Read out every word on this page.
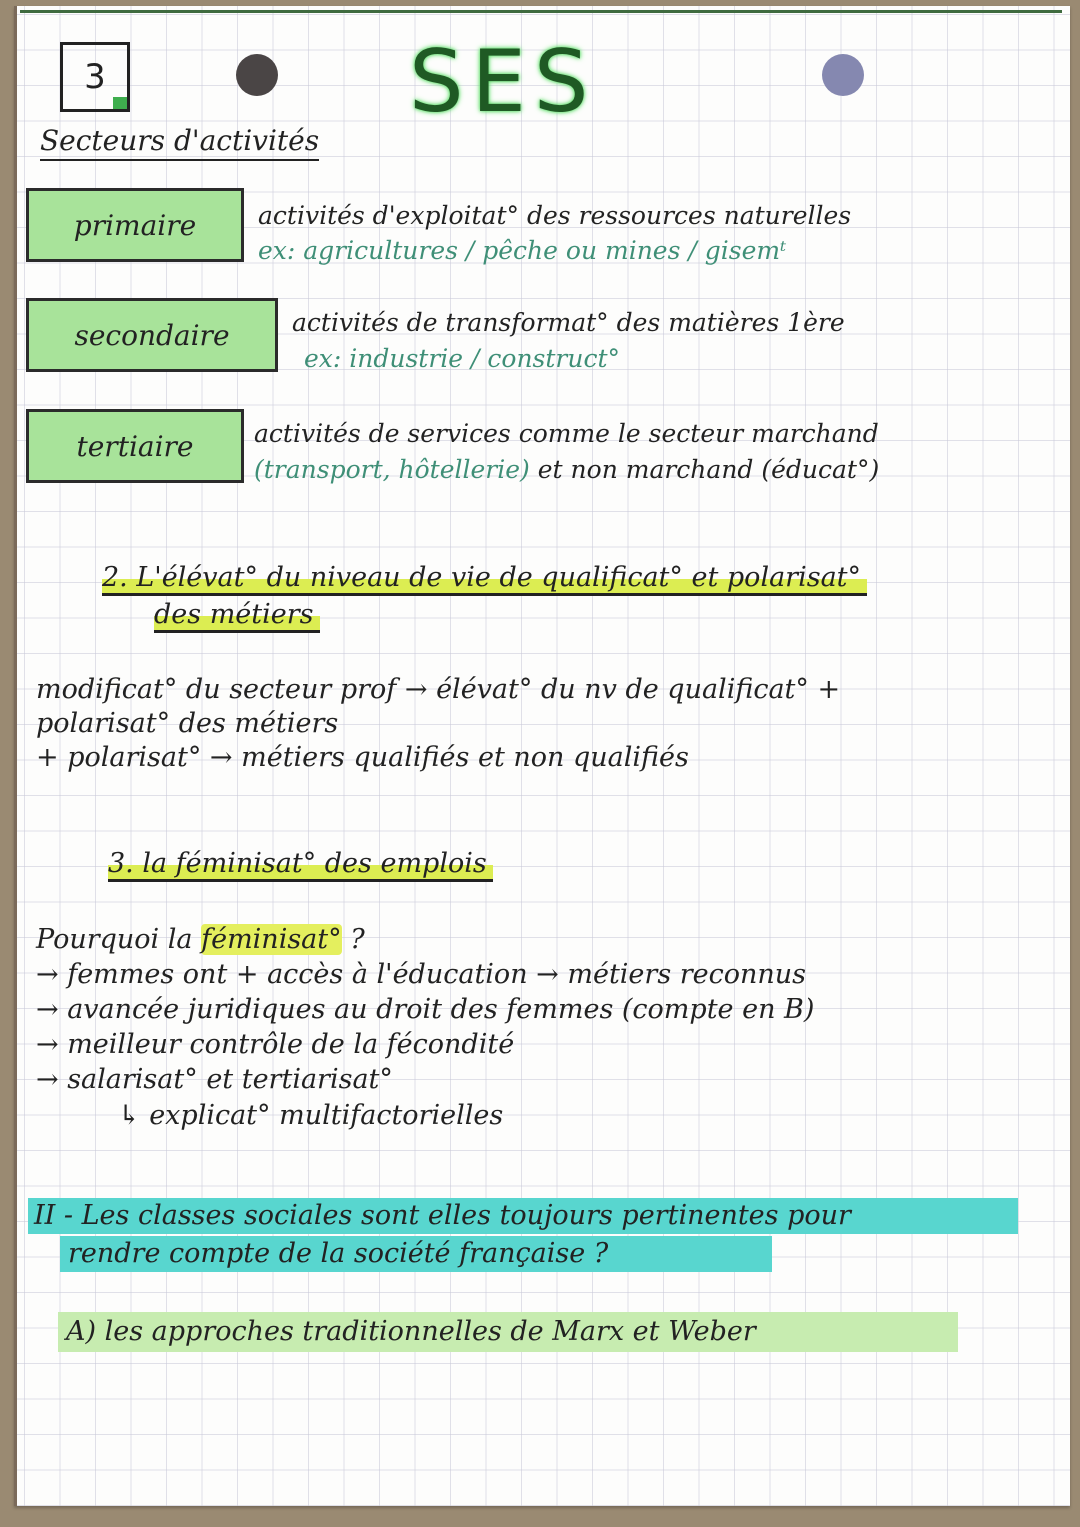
3	SES
Secteurs d'activités
primaire activités d'exploitat° des ressources naturelles
ex: agricultures / pêche ou mines / gisemᵗ
secondaire activités de transformat° des matières 1ère
ex: industrie / construct°
tertiaire activités de services comme le secteur marchand
(transport, hôtellerie) et non marchand (éducat°)
2. L'élévat° du niveau de vie de qualificat° et polarisat°
des métiers
modificat° du secteur prof → élévat° du nv de qualificat° +
polarisat° des métiers
+ polarisat° → métiers qualifiés et non qualifiés
3. la féminisat° des emplois
Pourquoi la féminisat° ?
→ femmes ont + accès à l'éducation → métiers reconnus
→ avancée juridiques au droit des femmes (compte en B)
→ meilleur contrôle de la fécondité
→ salarisat° et tertiarisat°
↳ explicat° multifactorielles
II - Les classes sociales sont elles toujours pertinentes pour
rendre compte de la société française ?
A) les approches traditionnelles de Marx et Weber
